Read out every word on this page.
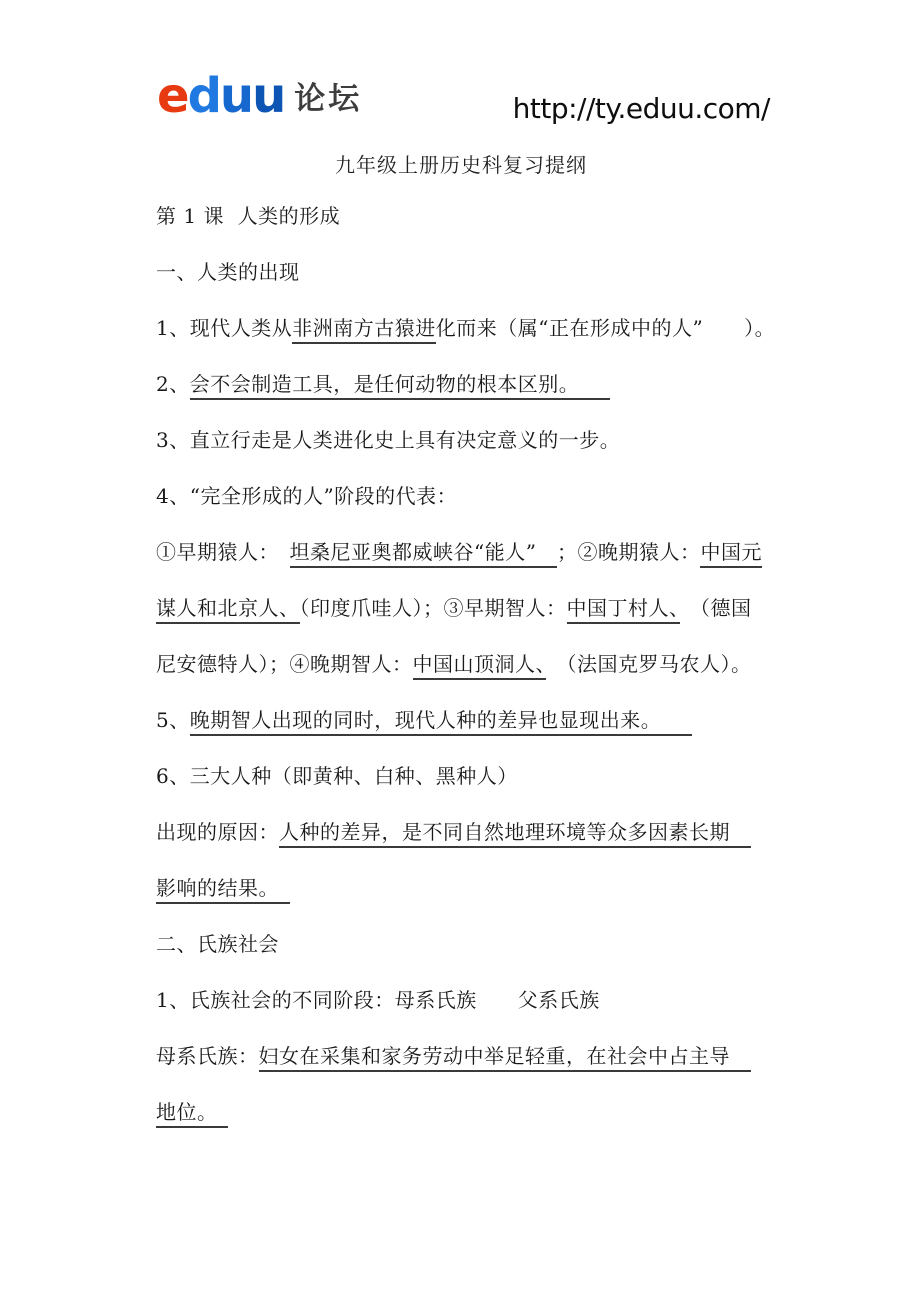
eduu 论坛	http://ty.eduu.com/
九年级上册历史科复习提纲
第 1 课  人类的形成
一、人类的出现
1、现代人类从非洲南方古猿进化而来（属“正在形成中的人”　　）。
2、会不会制造工具，是任何动物的根本区别。　　
3、直立行走是人类进化史上具有决定意义的一步。
4、“完全形成的人”阶段的代表：
①早期猿人：　坦桑尼亚奥都威峡谷“能人”　；②晚期猿人：中国元
谋人和北京人、（印度爪哇人）；③早期智人：中国丁村人、　（德国
尼安德特人）；④晚期智人：中国山顶洞人、　（法国克罗马农人）。
5、晚期智人出现的同时，现代人种的差异也显现出来。　　
6、三大人种（即黄种、白种、黑种人）
出现的原因：人种的差异，是不同自然地理环境等众多因素长期　
影响的结果。　
二、氏族社会
1、氏族社会的不同阶段：母系氏族　　父系氏族
母系氏族：妇女在采集和家务劳动中举足轻重，在社会中占主导　
地位。　
